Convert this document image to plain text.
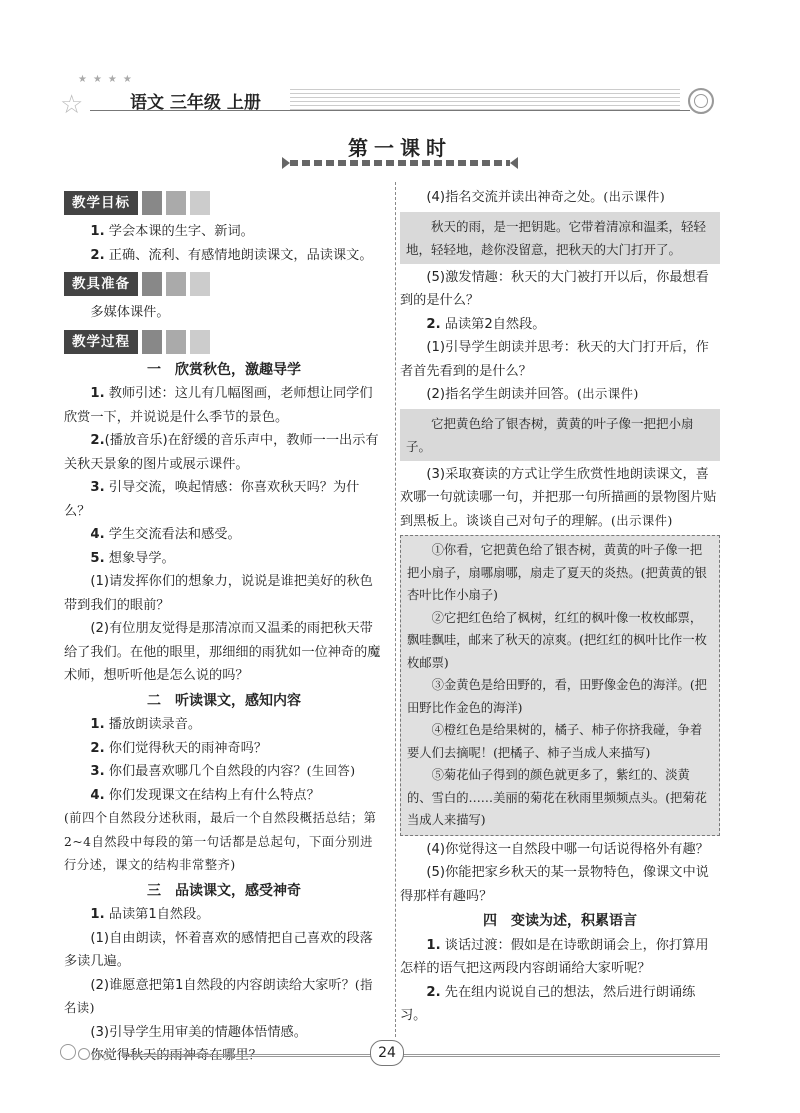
★★★★
☆	语文 三年级 上册
第一课时
教学目标

1. 学会本课的生字、新词。

2. 正确、流利、有感情地朗读课文，品读课文。

教具准备

多媒体课件。

教学过程
一　欣赏秋色，激趣导学

1. 教师引述：这儿有几幅图画，老师想让同学们欣赏一下，并说说是什么季节的景色。

2.(播放音乐)在舒缓的音乐声中，教师一一出示有关秋天景象的图片或展示课件。

3. 引导交流，唤起情感：你喜欢秋天吗？为什么？

4. 学生交流看法和感受。

5. 想象导学。

(1)请发挥你们的想象力，说说是谁把美好的秋色带到我们的眼前？

(2)有位朋友觉得是那清凉而又温柔的雨把秋天带给了我们。在他的眼里，那细细的雨犹如一位神奇的魔术师，想听听他是怎么说的吗？

二　听读课文，感知内容

1. 播放朗读录音。

2. 你们觉得秋天的雨神奇吗？

3. 你们最喜欢哪几个自然段的内容？(生回答)

4. 你们发现课文在结构上有什么特点？

(前四个自然段分述秋雨，最后一个自然段概括总结；第2~4自然段中每段的第一句话都是总起句，下面分别进行分述，课文的结构非常整齐)

三　品读课文，感受神奇

1. 品读第1自然段。

(1)自由朗读，怀着喜欢的感情把自己喜欢的段落多读几遍。

(2)谁愿意把第1自然段的内容朗读给大家听？(指名读)

(3)引导学生用审美的情趣体悟情感。

你觉得秋天的雨神奇在哪里？

(4)指名交流并读出神奇之处。(出示课件)

秋天的雨，是一把钥匙。它带着清凉和温柔，轻轻地，轻轻地，趁你没留意，把秋天的大门打开了。

(5)激发情趣：秋天的大门被打开以后，你最想看到的是什么？

2. 品读第2自然段。

(1)引导学生朗读并思考：秋天的大门打开后，作者首先看到的是什么？

(2)指名学生朗读并回答。(出示课件)

它把黄色给了银杏树，黄黄的叶子像一把把小扇子。

(3)采取赛读的方式让学生欣赏性地朗读课文，喜欢哪一句就读哪一句，并把那一句所描画的景物图片贴到黑板上。谈谈自己对句子的理解。(出示课件)

①你看，它把黄色给了银杏树，黄黄的叶子像一把把小扇子，扇哪扇哪，扇走了夏天的炎热。(把黄黄的银杏叶比作小扇子)

②它把红色给了枫树，红红的枫叶像一枚枚邮票，飘哇飘哇，邮来了秋天的凉爽。(把红红的枫叶比作一枚枚邮票)

③金黄色是给田野的，看，田野像金色的海洋。(把田野比作金色的海洋)

④橙红色是给果树的，橘子、柿子你挤我碰，争着要人们去摘呢！(把橘子、柿子当成人来描写)

⑤菊花仙子得到的颜色就更多了，紫红的、淡黄的、雪白的……美丽的菊花在秋雨里频频点头。(把菊花当成人来描写)

(4)你觉得这一自然段中哪一句话说得格外有趣？

(5)你能把家乡秋天的某一景物特色，像课文中说得那样有趣吗？

四　变读为述，积累语言

1. 谈话过渡：假如是在诗歌朗诵会上，你打算用怎样的语气把这两段内容朗诵给大家听呢？

2. 先在组内说说自己的想法，然后进行朗诵练习。

24
